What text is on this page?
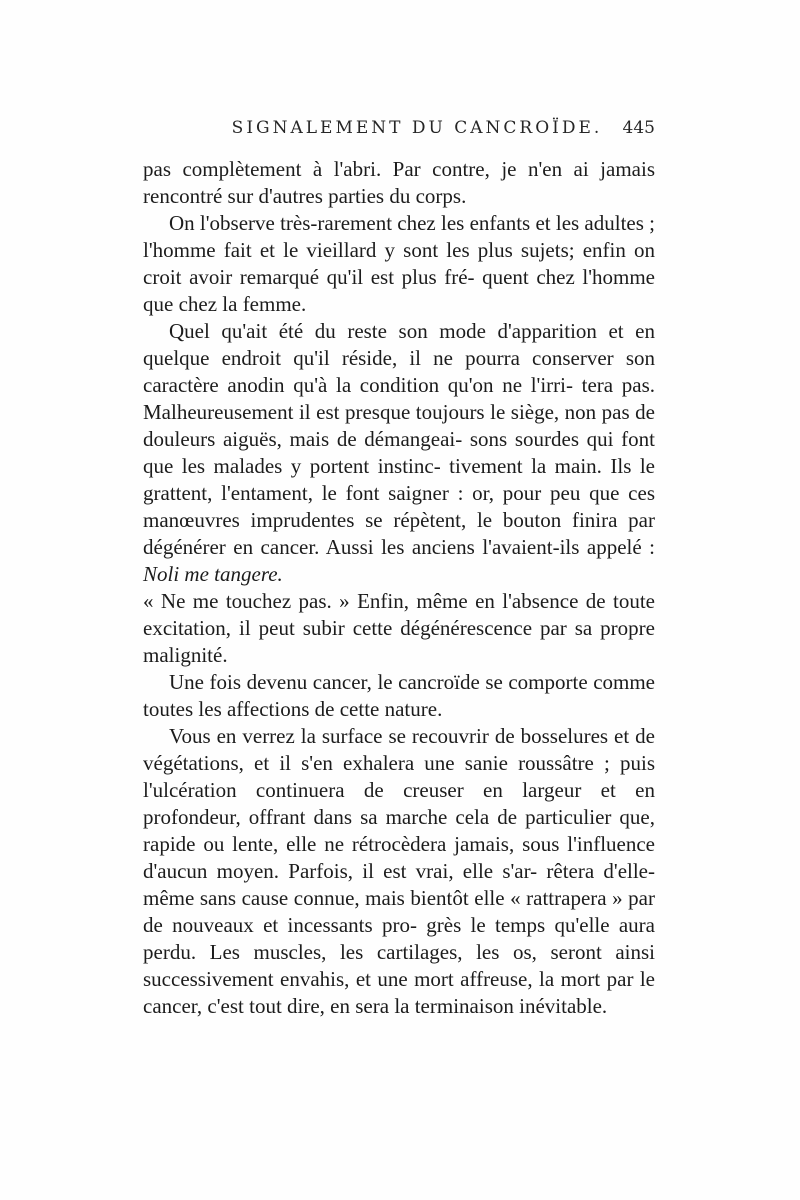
SIGNALEMENT DU CANCROÏDE.	445

pas complètement à l'abri. Par contre, je n'en ai jamais rencontré sur d'autres parties du corps.

On l'observe très-rarement chez les enfants et les adultes ; l'homme fait et le vieillard y sont les plus sujets; enfin on croit avoir remarqué qu'il est plus fré- quent chez l'homme que chez la femme.

Quel qu'ait été du reste son mode d'apparition et en quelque endroit qu'il réside, il ne pourra conserver son caractère anodin qu'à la condition qu'on ne l'irri- tera pas. Malheureusement il est presque toujours le siège, non pas de douleurs aiguës, mais de démangeai- sons sourdes qui font que les malades y portent instinc- tivement la main. Ils le grattent, l'entament, le font saigner : or, pour peu que ces manœuvres imprudentes se répètent, le bouton finira par dégénérer en cancer. Aussi les anciens l'avaient-ils appelé : Noli me tangere.

« Ne me touchez pas. » Enfin, même en l'absence de toute excitation, il peut subir cette dégénérescence par sa propre malignité.

Une fois devenu cancer, le cancroïde se comporte comme toutes les affections de cette nature.

Vous en verrez la surface se recouvrir de bosselures et de végétations, et il s'en exhalera une sanie roussâtre ; puis l'ulcération continuera de creuser en largeur et en profondeur, offrant dans sa marche cela de particulier que, rapide ou lente, elle ne rétrocèdera jamais, sous l'influence d'aucun moyen. Parfois, il est vrai, elle s'ar- rêtera d'elle-même sans cause connue, mais bientôt elle « rattrapera » par de nouveaux et incessants pro- grès le temps qu'elle aura perdu. Les muscles, les cartilages, les os, seront ainsi successivement envahis, et une mort affreuse, la mort par le cancer, c'est tout dire, en sera la terminaison inévitable.
